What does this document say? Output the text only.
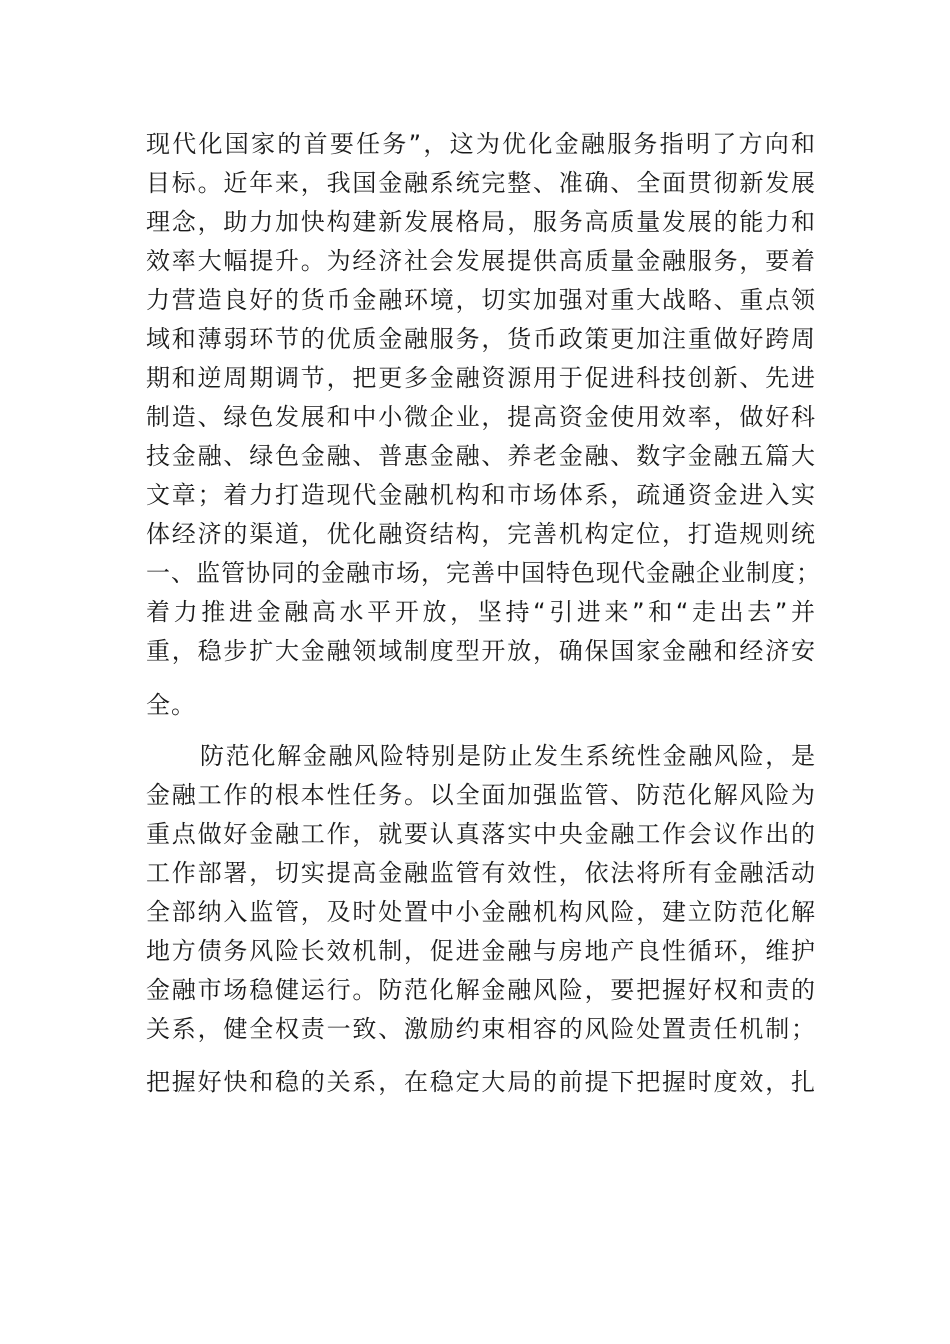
现代化国家的首要任务”，这为优化金融服务指明了方向和
目标。近年来，我国金融系统完整、准确、全面贯彻新发展
理念，助力加快构建新发展格局，服务高质量发展的能力和
效率大幅提升。为经济社会发展提供高质量金融服务，要着
力营造良好的货币金融环境，切实加强对重大战略、重点领
域和薄弱环节的优质金融服务，货币政策更加注重做好跨周
期和逆周期调节，把更多金融资源用于促进科技创新、先进
制造、绿色发展和中小微企业，提高资金使用效率，做好科
技金融、绿色金融、普惠金融、养老金融、数字金融五篇大
文章；着力打造现代金融机构和市场体系，疏通资金进入实
体经济的渠道，优化融资结构，完善机构定位，打造规则统
一、监管协同的金融市场，完善中国特色现代金融企业制度；
着力推进金融高水平开放，坚持“引进来”和“走出去”并
重，稳步扩大金融领域制度型开放，确保国家金融和经济安
全。
防范化解金融风险特别是防止发生系统性金融风险，是
金融工作的根本性任务。以全面加强监管、防范化解风险为
重点做好金融工作，就要认真落实中央金融工作会议作出的
工作部署，切实提高金融监管有效性，依法将所有金融活动
全部纳入监管，及时处置中小金融机构风险，建立防范化解
地方债务风险长效机制，促进金融与房地产良性循环，维护
金融市场稳健运行。防范化解金融风险，要把握好权和责的
关系，健全权责一致、激励约束相容的风险处置责任机制；
把握好快和稳的关系，在稳定大局的前提下把握时度效，扎
